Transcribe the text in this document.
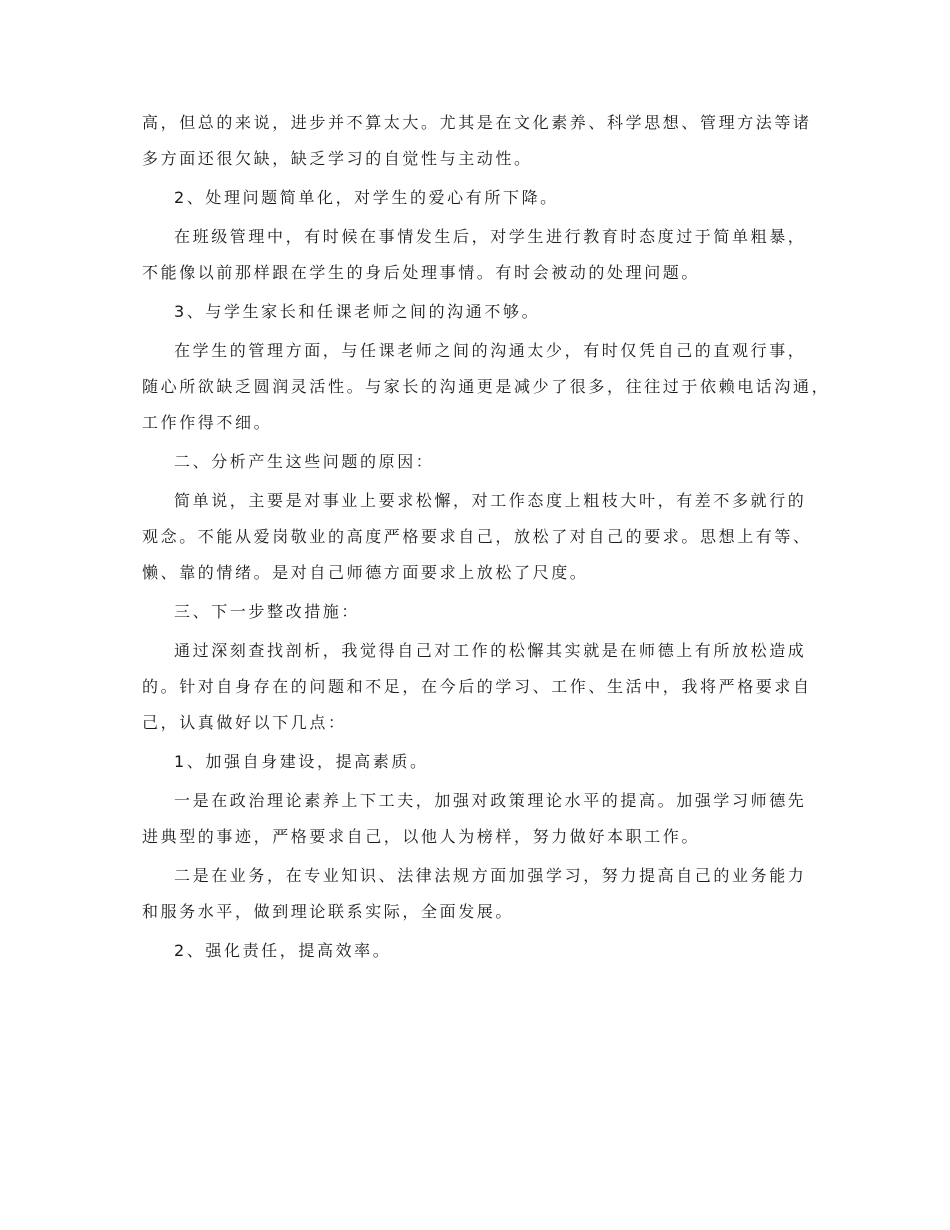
高，但总的来说，进步并不算太大。尤其是在文化素养、科学思想、管理方法等诸

多方面还很欠缺，缺乏学习的自觉性与主动性。

2、处理问题简单化，对学生的爱心有所下降。

在班级管理中，有时候在事情发生后，对学生进行教育时态度过于简单粗暴，

不能像以前那样跟在学生的身后处理事情。有时会被动的处理问题。

3、与学生家长和任课老师之间的沟通不够。

在学生的管理方面，与任课老师之间的沟通太少，有时仅凭自己的直观行事，

随心所欲缺乏圆润灵活性。与家长的沟通更是减少了很多，往往过于依赖电话沟通，

工作作得不细。

二、分析产生这些问题的原因：

简单说，主要是对事业上要求松懈，对工作态度上粗枝大叶，有差不多就行的

观念。不能从爱岗敬业的高度严格要求自己，放松了对自己的要求。思想上有等、

懒、靠的情绪。是对自己师德方面要求上放松了尺度。

三、下一步整改措施：

通过深刻查找剖析，我觉得自己对工作的松懈其实就是在师德上有所放松造成

的。针对自身存在的问题和不足，在今后的学习、工作、生活中，我将严格要求自

己，认真做好以下几点：

1、加强自身建设，提高素质。

一是在政治理论素养上下工夫，加强对政策理论水平的提高。加强学习师德先

进典型的事迹，严格要求自己，以他人为榜样，努力做好本职工作。

二是在业务，在专业知识、法律法规方面加强学习，努力提高自己的业务能力

和服务水平，做到理论联系实际，全面发展。

2、强化责任，提高效率。
